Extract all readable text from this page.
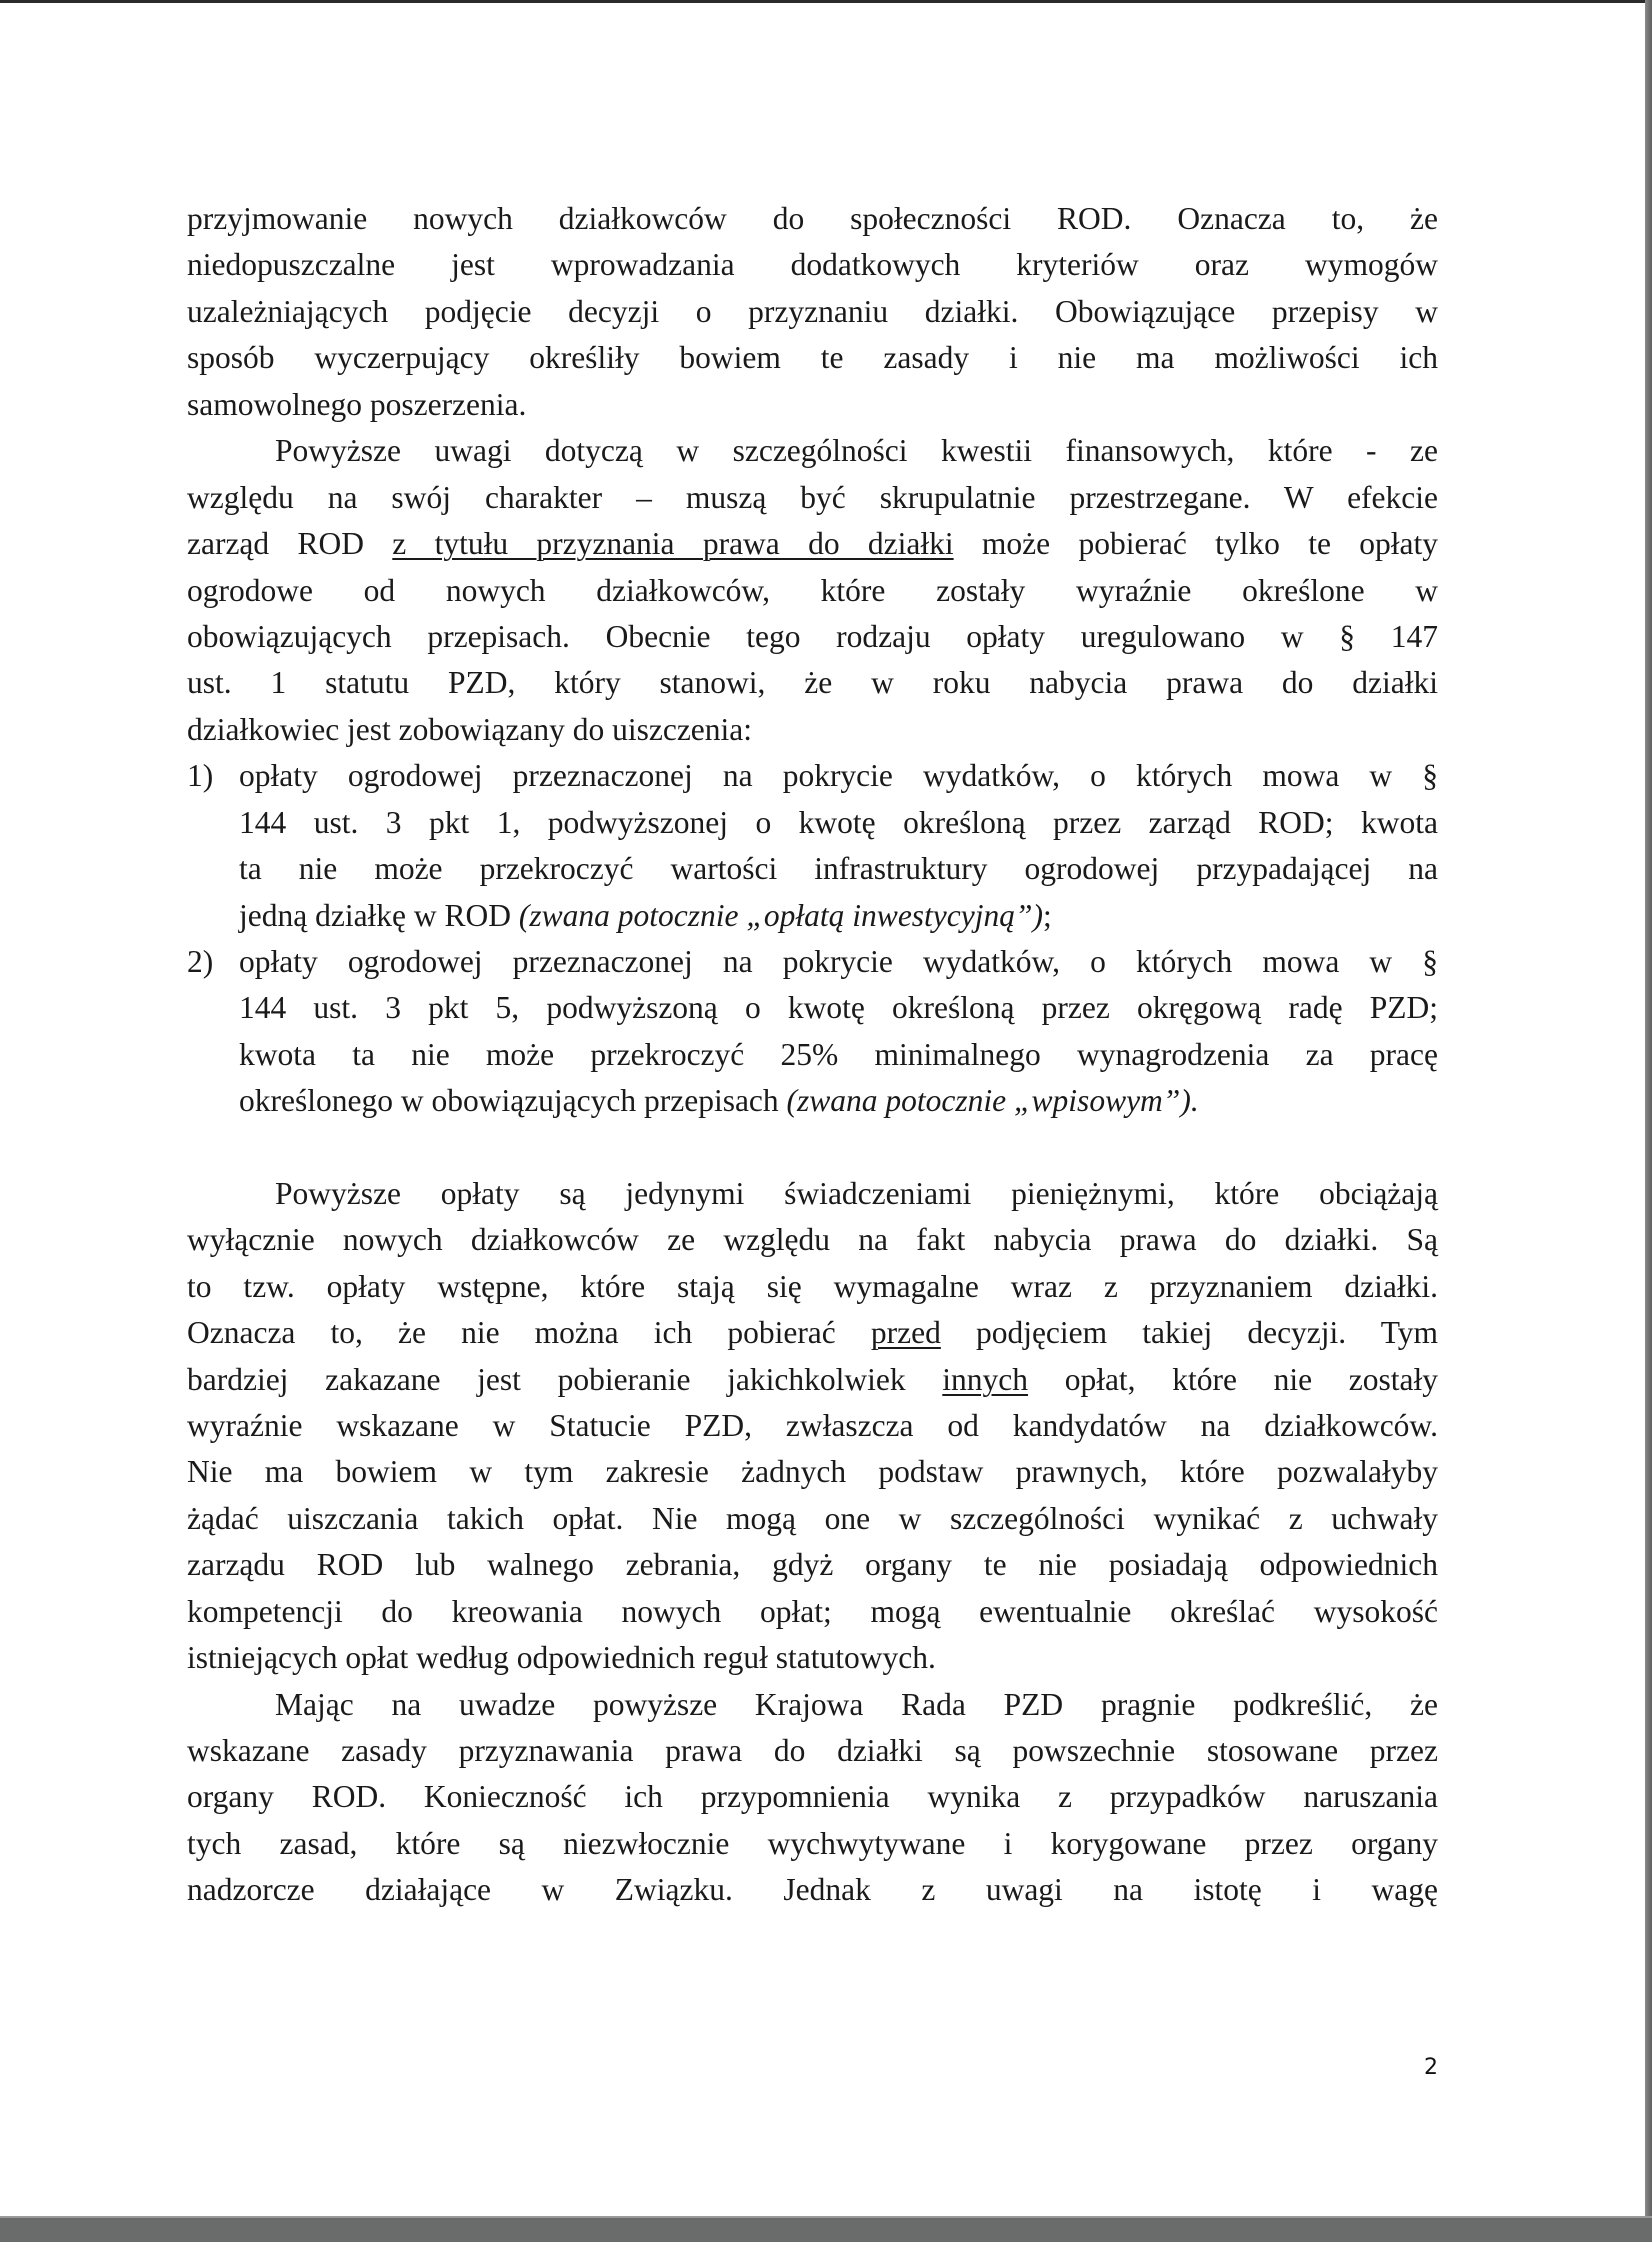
przyjmowanie nowych działkowców do społeczności ROD. Oznacza to, że
niedopuszczalne jest wprowadzania dodatkowych kryteriów oraz wymogów
uzależniających podjęcie decyzji o przyznaniu działki. Obowiązujące przepisy w
sposób wyczerpujący określiły bowiem te zasady i nie ma możliwości ich
samowolnego poszerzenia.
Powyższe uwagi dotyczą w szczególności kwestii finansowych, które - ze
względu na swój charakter – muszą być skrupulatnie przestrzegane. W efekcie
zarząd ROD z tytułu przyznania prawa do działki może pobierać tylko te opłaty
ogrodowe od nowych działkowców, które zostały wyraźnie określone w
obowiązujących przepisach. Obecnie tego rodzaju opłaty uregulowano w § 147
ust. 1 statutu PZD, który stanowi, że w roku nabycia prawa do działki
działkowiec jest zobowiązany do uiszczenia:
1) opłaty ogrodowej przeznaczonej na pokrycie wydatków, o których mowa w §
144 ust. 3 pkt 1, podwyższonej o kwotę określoną przez zarząd ROD; kwota
ta nie może przekroczyć wartości infrastruktury ogrodowej przypadającej na
jedną działkę w ROD (zwana potocznie „opłatą inwestycyjną”);
2) opłaty ogrodowej przeznaczonej na pokrycie wydatków, o których mowa w §
144 ust. 3 pkt 5, podwyższoną o kwotę określoną przez okręgową radę PZD;
kwota ta nie może przekroczyć 25% minimalnego wynagrodzenia za pracę
określonego w obowiązujących przepisach (zwana potocznie „wpisowym”).
Powyższe opłaty są jedynymi świadczeniami pieniężnymi, które obciążają
wyłącznie nowych działkowców ze względu na fakt nabycia prawa do działki. Są
to tzw. opłaty wstępne, które stają się wymagalne wraz z przyznaniem działki.
Oznacza to, że nie można ich pobierać przed podjęciem takiej decyzji. Tym
bardziej zakazane jest pobieranie jakichkolwiek innych opłat, które nie zostały
wyraźnie wskazane w Statucie PZD, zwłaszcza od kandydatów na działkowców.
Nie ma bowiem w tym zakresie żadnych podstaw prawnych, które pozwalałyby
żądać uiszczania takich opłat. Nie mogą one w szczególności wynikać z uchwały
zarządu ROD lub walnego zebrania, gdyż organy te nie posiadają odpowiednich
kompetencji do kreowania nowych opłat; mogą ewentualnie określać wysokość
istniejących opłat według odpowiednich reguł statutowych.
Mając na uwadze powyższe Krajowa Rada PZD pragnie podkreślić, że
wskazane zasady przyznawania prawa do działki są powszechnie stosowane przez
organy ROD. Konieczność ich przypomnienia wynika z przypadków naruszania
tych zasad, które są niezwłocznie wychwytywane i korygowane przez organy
nadzorcze działające w Związku. Jednak z uwagi na istotę i wagę
2
